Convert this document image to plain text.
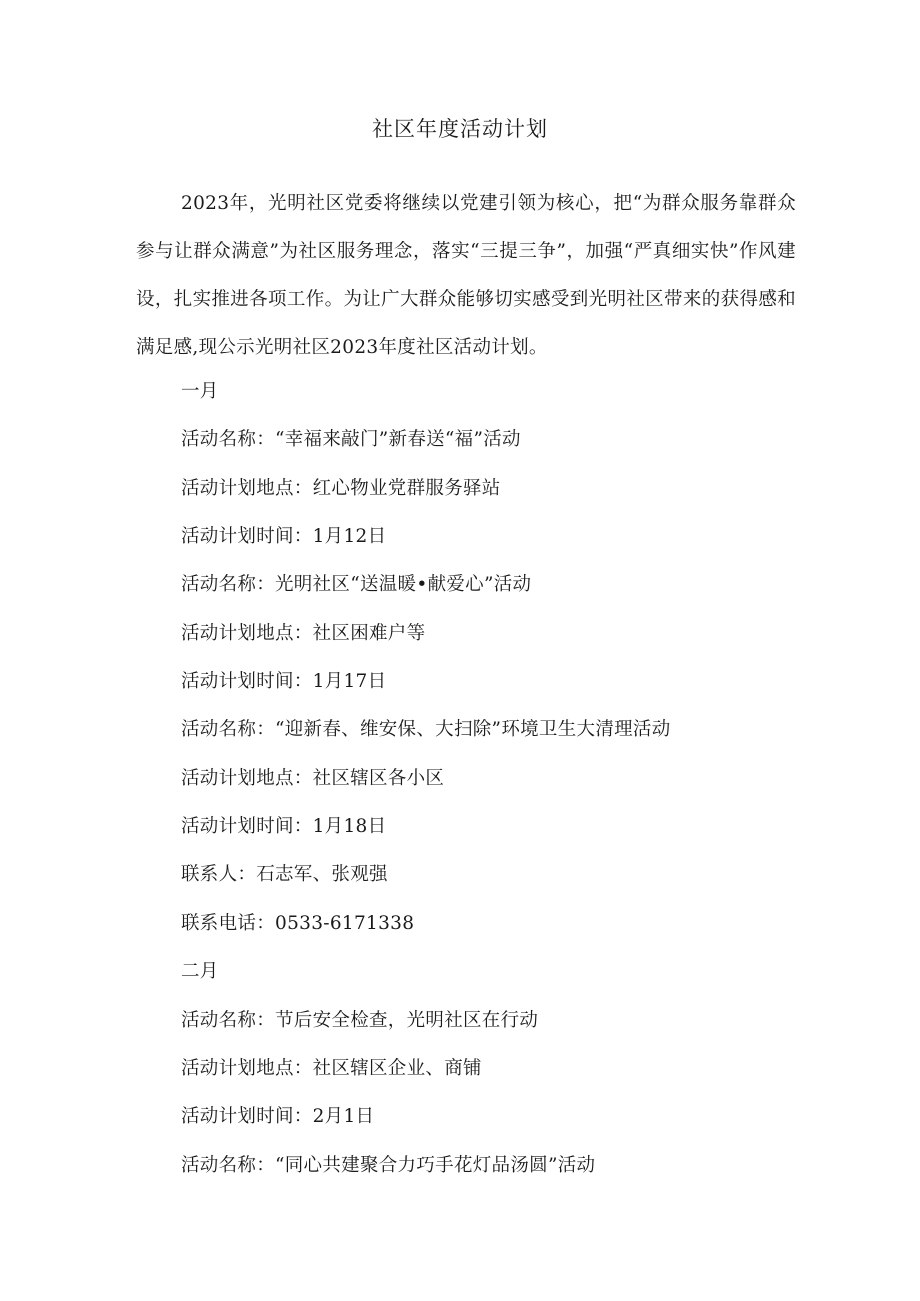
社区年度活动计划

2023年，光明社区党委将继续以党建引领为核心，把“为群众服务靠群众参与让群众满意”为社区服务理念，落实“三提三争”，加强“严真细实快”作风建设，扎实推进各项工作。为让广大群众能够切实感受到光明社区带来的获得感和满足感,现公示光明社区2023年度社区活动计划。

一月
活动名称：“幸福来敲门”新春送“福”活动
活动计划地点：红心物业党群服务驿站
活动计划时间：1月12日
活动名称：光明社区“送温暖•献爱心”活动
活动计划地点：社区困难户等
活动计划时间：1月17日
活动名称：“迎新春、维安保、大扫除”环境卫生大清理活动
活动计划地点：社区辖区各小区
活动计划时间：1月18日
联系人：石志军、张观强
联系电话：0533-6171338
二月
活动名称：节后安全检查，光明社区在行动
活动计划地点：社区辖区企业、商铺
活动计划时间：2月1日
活动名称：“同心共建聚合力巧手花灯品汤圆”活动
